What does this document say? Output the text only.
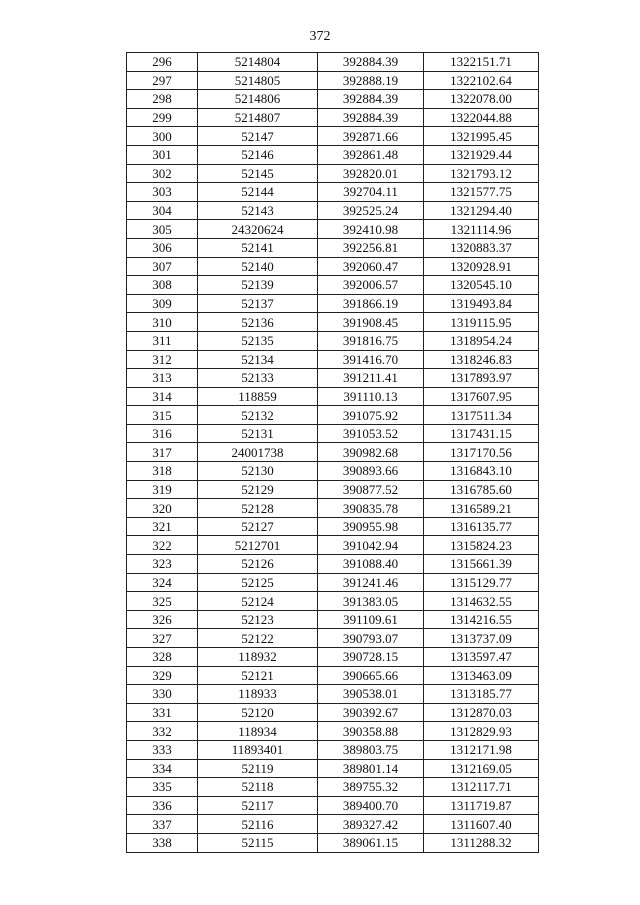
372
296	5214804	392884.39	1322151.71
297	5214805	392888.19	1322102.64
298	5214806	392884.39	1322078.00
299	5214807	392884.39	1322044.88
300	52147	392871.66	1321995.45
301	52146	392861.48	1321929.44
302	52145	392820.01	1321793.12
303	52144	392704.11	1321577.75
304	52143	392525.24	1321294.40
305	24320624	392410.98	1321114.96
306	52141	392256.81	1320883.37
307	52140	392060.47	1320928.91
308	52139	392006.57	1320545.10
309	52137	391866.19	1319493.84
310	52136	391908.45	1319115.95
311	52135	391816.75	1318954.24
312	52134	391416.70	1318246.83
313	52133	391211.41	1317893.97
314	118859	391110.13	1317607.95
315	52132	391075.92	1317511.34
316	52131	391053.52	1317431.15
317	24001738	390982.68	1317170.56
318	52130	390893.66	1316843.10
319	52129	390877.52	1316785.60
320	52128	390835.78	1316589.21
321	52127	390955.98	1316135.77
322	5212701	391042.94	1315824.23
323	52126	391088.40	1315661.39
324	52125	391241.46	1315129.77
325	52124	391383.05	1314632.55
326	52123	391109.61	1314216.55
327	52122	390793.07	1313737.09
328	118932	390728.15	1313597.47
329	52121	390665.66	1313463.09
330	118933	390538.01	1313185.77
331	52120	390392.67	1312870.03
332	118934	390358.88	1312829.93
333	11893401	389803.75	1312171.98
334	52119	389801.14	1312169.05
335	52118	389755.32	1312117.71
336	52117	389400.70	1311719.87
337	52116	389327.42	1311607.40
338	52115	389061.15	1311288.32
